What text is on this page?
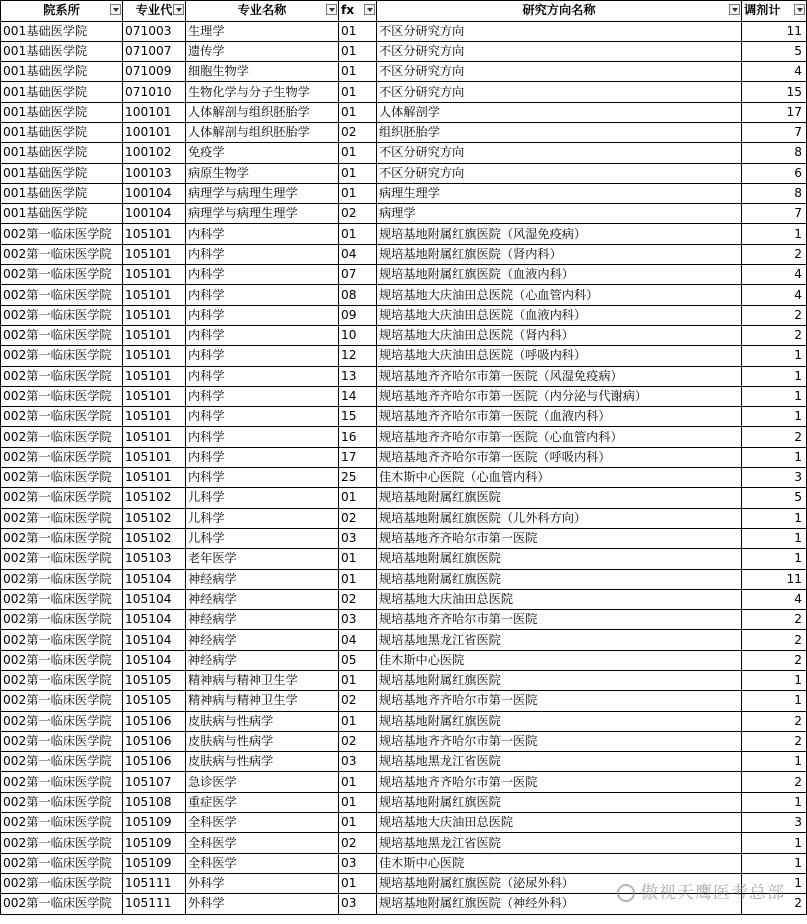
院系所	专业代	专业名称	fx	研究方向名称	调剂计

001基础医学院	071003	生理学	01	不区分研究方向	11
001基础医学院	071007	遗传学	01	不区分研究方向	5
001基础医学院	071009	细胞生物学	01	不区分研究方向	4
001基础医学院	071010	生物化学与分子生物学	01	不区分研究方向	15
001基础医学院	100101	人体解剖与组织胚胎学	01	人体解剖学	17
001基础医学院	100101	人体解剖与组织胚胎学	02	组织胚胎学	7
001基础医学院	100102	免疫学	01	不区分研究方向	8
001基础医学院	100103	病原生物学	01	不区分研究方向	6
001基础医学院	100104	病理学与病理生理学	01	病理生理学	8
001基础医学院	100104	病理学与病理生理学	02	病理学	7
002第一临床医学院	105101	内科学	01	规培基地附属红旗医院（风湿免疫病）	1
002第一临床医学院	105101	内科学	04	规培基地附属红旗医院（肾内科）	2
002第一临床医学院	105101	内科学	07	规培基地附属红旗医院（血液内科）	4
002第一临床医学院	105101	内科学	08	规培基地大庆油田总医院（心血管内科）	4
002第一临床医学院	105101	内科学	09	规培基地大庆油田总医院（血液内科）	2
002第一临床医学院	105101	内科学	10	规培基地大庆油田总医院（肾内科）	2
002第一临床医学院	105101	内科学	12	规培基地大庆油田总医院（呼吸内科）	1
002第一临床医学院	105101	内科学	13	规培基地齐齐哈尔市第一医院（风湿免疫病）	1
002第一临床医学院	105101	内科学	14	规培基地齐齐哈尔市第一医院（内分泌与代谢病）	1
002第一临床医学院	105101	内科学	15	规培基地齐齐哈尔市第一医院（血液内科）	1
002第一临床医学院	105101	内科学	16	规培基地齐齐哈尔市第一医院（心血管内科）	2
002第一临床医学院	105101	内科学	17	规培基地齐齐哈尔市第一医院（呼吸内科）	1
002第一临床医学院	105101	内科学	25	佳木斯中心医院（心血管内科）	3
002第一临床医学院	105102	儿科学	01	规培基地附属红旗医院	5
002第一临床医学院	105102	儿科学	02	规培基地附属红旗医院（儿外科方向）	1
002第一临床医学院	105102	儿科学	03	规培基地齐齐哈尔市第一医院	1
002第一临床医学院	105103	老年医学	01	规培基地附属红旗医院	1
002第一临床医学院	105104	神经病学	01	规培基地附属红旗医院	11
002第一临床医学院	105104	神经病学	02	规培基地大庆油田总医院	4
002第一临床医学院	105104	神经病学	03	规培基地齐齐哈尔市第一医院	2
002第一临床医学院	105104	神经病学	04	规培基地黑龙江省医院	2
002第一临床医学院	105104	神经病学	05	佳木斯中心医院	2
002第一临床医学院	105105	精神病与精神卫生学	01	规培基地附属红旗医院	1
002第一临床医学院	105105	精神病与精神卫生学	02	规培基地齐齐哈尔市第一医院	1
002第一临床医学院	105106	皮肤病与性病学	01	规培基地附属红旗医院	2
002第一临床医学院	105106	皮肤病与性病学	02	规培基地齐齐哈尔市第一医院	2
002第一临床医学院	105106	皮肤病与性病学	03	规培基地黑龙江省医院	1
002第一临床医学院	105107	急诊医学	01	规培基地齐齐哈尔市第一医院	2
002第一临床医学院	105108	重症医学	01	规培基地附属红旗医院	1
002第一临床医学院	105109	全科医学	01	规培基地大庆油田总医院	3
002第一临床医学院	105109	全科医学	02	规培基地黑龙江省医院	1
002第一临床医学院	105109	全科医学	03	佳木斯中心医院	1
002第一临床医学院	105111	外科学	01	规培基地附属红旗医院（泌尿外科）	1
002第一临床医学院	105111	外科学	03	规培基地附属红旗医院（神经外科）	2
傲视天鹰医考总部
